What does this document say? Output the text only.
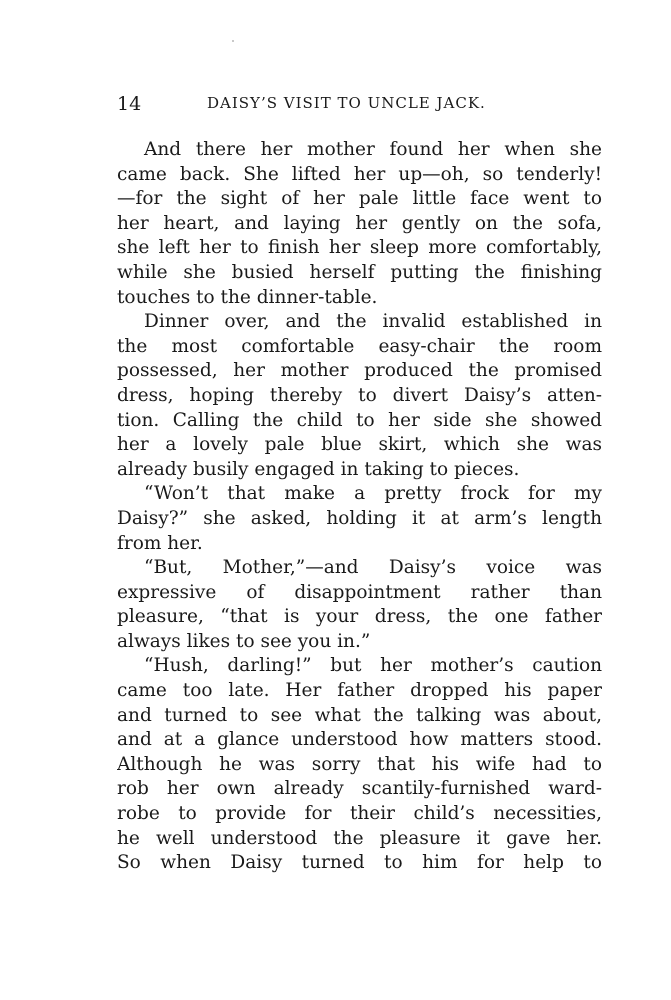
14	DAISY’S VISIT TO UNCLE JACK.
And there her mother found her when she
came back. She lifted her up—oh, so tenderly!
—for the sight of her pale little face went to
her heart, and laying her gently on the sofa,
she left her to finish her sleep more comfortably,
while she busied herself putting the finishing
touches to the dinner-table.
Dinner over, and the invalid established in
the most comfortable easy-chair the room
possessed, her mother produced the promised
dress, hoping thereby to divert Daisy’s atten-
tion. Calling the child to her side she showed
her a lovely pale blue skirt, which she was
already busily engaged in taking to pieces.
“Won’t that make a pretty frock for my
Daisy?” she asked, holding it at arm’s length
from her.
“But, Mother,”—and Daisy’s voice was
expressive of disappointment rather than
pleasure, “that is your dress, the one father
always likes to see you in.”
“Hush, darling!” but her mother’s caution
came too late. Her father dropped his paper
and turned to see what the talking was about,
and at a glance understood how matters stood.
Although he was sorry that his wife had to
rob her own already scantily-furnished ward-
robe to provide for their child’s necessities,
he well understood the pleasure it gave her.
So when Daisy turned to him for help to
